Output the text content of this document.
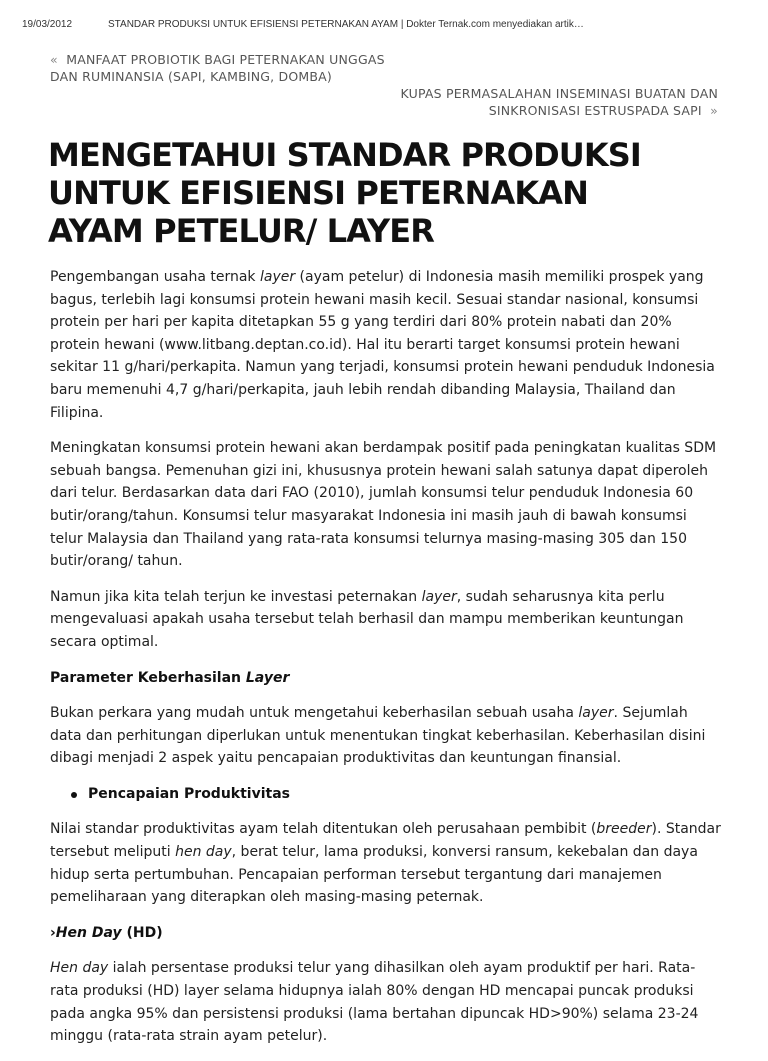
19/03/2012	STANDAR PRODUKSI UNTUK EFISIENSI PETERNAKAN AYAM | Dokter Ternak.com menyediakan artik…
« MANFAAT PROBIOTIK BAGI PETERNAKAN UNGGAS
DAN RUMINANSIA (SAPI, KAMBING, DOMBA)
KUPAS PERMASALAHAN INSEMINASI BUATAN DAN
SINKRONISASI ESTRUSPADA SAPI »
MENGETAHUI STANDAR PRODUKSI
UNTUK EFISIENSI PETERNAKAN
AYAM PETELUR/ LAYER

Pengembangan usaha ternak layer (ayam petelur) di Indonesia masih memiliki prospek yang bagus, terlebih lagi konsumsi protein hewani masih kecil. Sesuai standar nasional, konsumsi protein per hari per kapita ditetapkan 55 g yang terdiri dari 80% protein nabati dan 20% protein hewani (www.litbang.deptan.co.id). Hal itu berarti target konsumsi protein hewani sekitar 11 g/hari/perkapita. Namun yang terjadi, konsumsi protein hewani penduduk Indonesia baru memenuhi 4,7 g/hari/perkapita, jauh lebih rendah dibanding Malaysia, Thailand dan Filipina.

Meningkatan konsumsi protein hewani akan berdampak positif pada peningkatan kualitas SDM sebuah bangsa. Pemenuhan gizi ini, khususnya protein hewani salah satunya dapat diperoleh dari telur. Berdasarkan data dari FAO (2010), jumlah konsumsi telur penduduk Indonesia 60 butir/orang/tahun. Konsumsi telur masyarakat Indonesia ini masih jauh di bawah konsumsi telur Malaysia dan Thailand yang rata-rata konsumsi telurnya masing-masing 305 dan 150 butir/orang/ tahun.

Namun jika kita telah terjun ke investasi peternakan layer, sudah seharusnya kita perlu mengevaluasi apakah usaha tersebut telah berhasil dan mampu memberikan keuntungan secara optimal.

Parameter Keberhasilan Layer

Bukan perkara yang mudah untuk mengetahui keberhasilan sebuah usaha layer. Sejumlah data dan perhitungan diperlukan untuk menentukan tingkat keberhasilan. Keberhasilan disini dibagi menjadi 2 aspek yaitu pencapaian produktivitas dan keuntungan finansial.

Pencapaian Produktivitas

Nilai standar produktivitas ayam telah ditentukan oleh perusahaan pembibit (breeder). Standar tersebut meliputi hen day, berat telur, lama produksi, konversi ransum, kekebalan dan daya hidup serta pertumbuhan. Pencapaian performan tersebut tergantung dari manajemen pemeliharaan yang diterapkan oleh masing-masing peternak.

›Hen Day (HD)

Hen day ialah persentase produksi telur yang dihasilkan oleh ayam produktif per hari. Rata-rata produksi (HD) layer selama hidupnya ialah 80% dengan HD mencapai puncak produksi pada angka 95% dan persistensi produksi (lama bertahan dipuncak HD>90%) selama 23-24 minggu (rata-rata strain ayam petelur).
